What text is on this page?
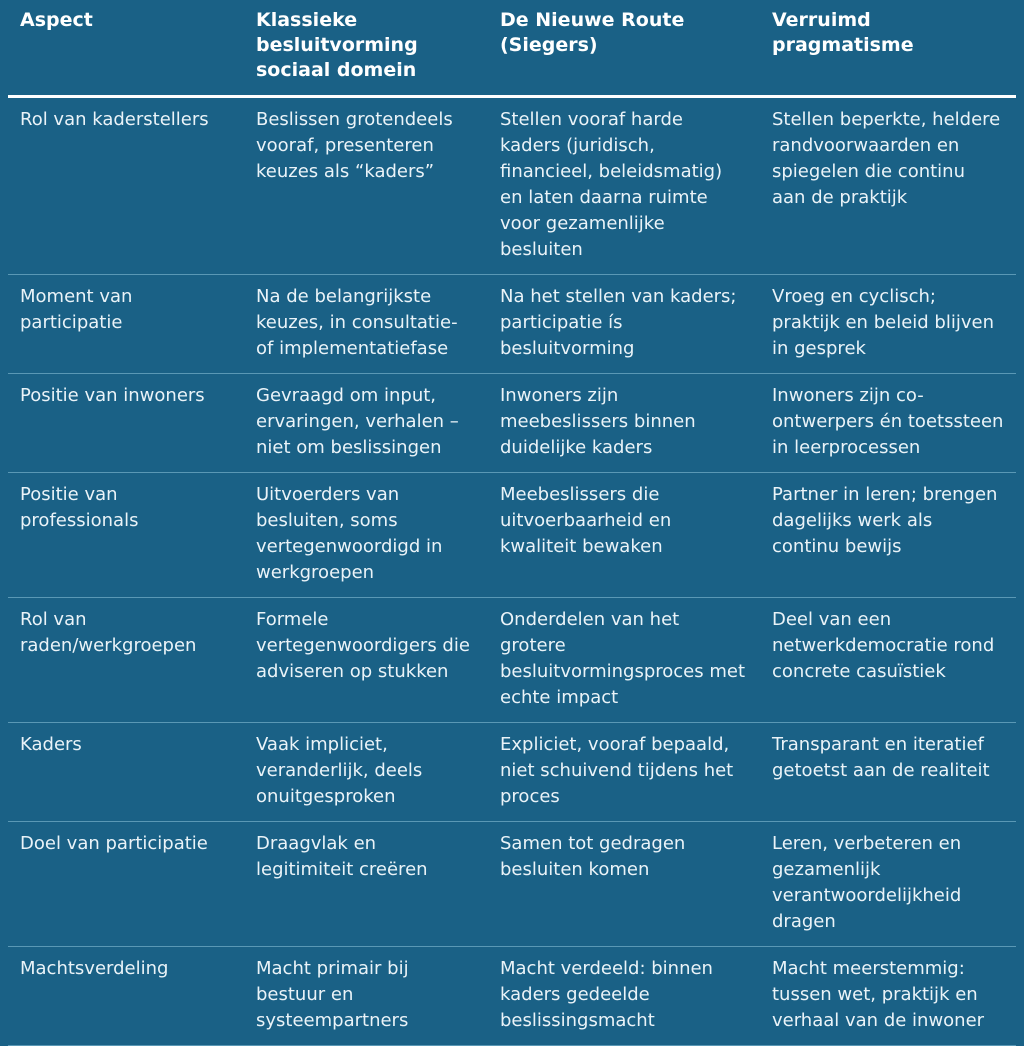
Aspect	Klassieke besluitvorming sociaal domein	De Nieuwe Route (Siegers)	Verruimd pragmatisme
Rol van kaderstellers	Beslissen grotendeels vooraf, presenteren keuzes als “kaders”	Stellen vooraf harde kaders (juridisch, financieel, beleidsmatig) en laten daarna ruimte voor gezamenlijke besluiten	Stellen beperkte, heldere randvoorwaarden en spiegelen die continu aan de praktijk
Moment van participatie	Na de belangrijkste keuzes, in consultatie- of implementatiefase	Na het stellen van kaders; participatie ís besluitvorming	Vroeg en cyclisch; praktijk en beleid blijven in gesprek
Positie van inwoners	Gevraagd om input, ervaringen, verhalen – niet om beslissingen	Inwoners zijn meebeslissers binnen duidelijke kaders	Inwoners zijn co-ontwerpers én toetssteen in leerprocessen
Positie van professionals	Uitvoerders van besluiten, soms vertegenwoordigd in werkgroepen	Meebeslissers die uitvoerbaarheid en kwaliteit bewaken	Partner in leren; brengen dagelijks werk als continu bewijs
Rol van raden/werkgroepen	Formele vertegenwoordigers die adviseren op stukken	Onderdelen van het grotere besluitvormingsproces met echte impact	Deel van een netwerkdemocratie rond concrete casuïstiek
Kaders	Vaak impliciet, veranderlijk, deels onuitgesproken	Expliciet, vooraf bepaald, niet schuivend tijdens het proces	Transparant en iteratief getoetst aan de realiteit
Doel van participatie	Draagvlak en legitimiteit creëren	Samen tot gedragen besluiten komen	Leren, verbeteren en gezamenlijk verantwoordelijkheid dragen
Machtsverdeling	Macht primair bij bestuur en systeempartners	Macht verdeeld: binnen kaders gedeelde beslissingsmacht	Macht meerstemmig: tussen wet, praktijk en verhaal van de inwoner
